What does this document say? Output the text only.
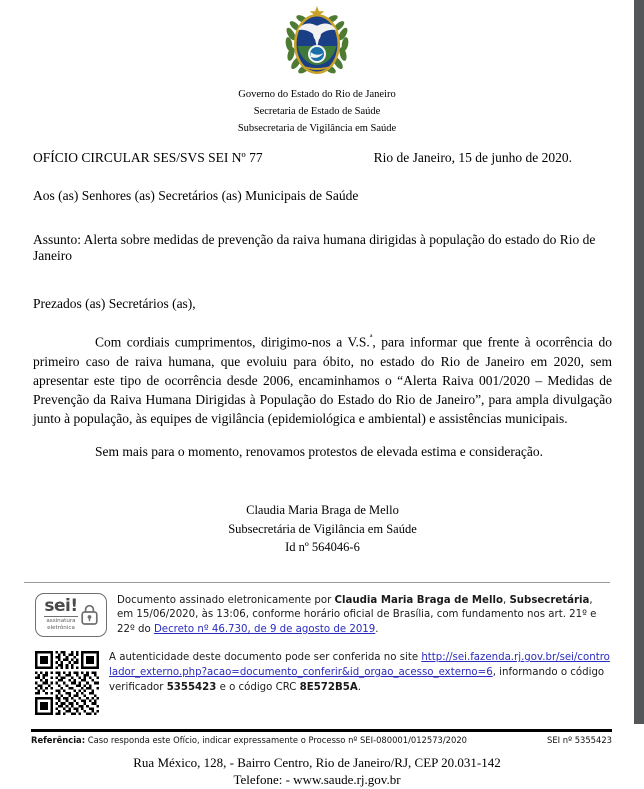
Governo do Estado do Rio de Janeiro
Secretaria de Estado de Saúde
Subsecretaria de Vigilância em Saúde
OFÍCIO CIRCULAR SES/SVS SEI Nº 77	Rio de Janeiro, 15 de junho de 2020.
Aos (as) Senhores (as) Secretários (as) Municipais de Saúde
Assunto: Alerta sobre medidas de prevenção da raiva humana dirigidas à população do estado do Rio de Janeiro
Prezados (as) Secretários (as),
Com cordiais cumprimentos, dirigimo-nos a V.S.$^ª$, para informar que frente à ocorrência do primeiro caso de raiva humana, que evoluiu para óbito, no estado do Rio de Janeiro em 2020, sem apresentar este tipo de ocorrência desde 2006, encaminhamos o “Alerta Raiva 001/2020 – Medidas de Prevenção da Raiva Humana Dirigidas à População do Estado do Rio de Janeiro”, para ampla divulgação junto à população, às equipes de vigilância (epidemiológica e ambiental) e assistências municipais.
Sem mais para o momento, renovamos protestos de elevada estima e consideração.
Claudia Maria Braga de Mello
Subsecretária de Vigilância em Saúde
Id nº 564046-6
sei!
assinatura
eletrônica
Documento assinado eletronicamente por Claudia Maria Braga de Mello, Subsecretária, em 15/06/2020, às 13:06, conforme horário oficial de Brasília, com fundamento nos art. 21º e 22º do Decreto nº 46.730, de 9 de agosto de 2019.
A autenticidade deste documento pode ser conferida no site http://sei.fazenda.rj.gov.br/sei/controlador_externo.php?acao=documento_conferir&id_orgao_acesso_externo=6, informando o código verificador 5355423 e o código CRC 8E572B5A.
Referência: Caso responda este Ofício, indicar expressamente o Processo nº SEI-080001/012573/2020	SEI nº 5355423
Rua México, 128, - Bairro Centro, Rio de Janeiro/RJ, CEP 20.031-142
Telefone: - www.saude.rj.gov.br
